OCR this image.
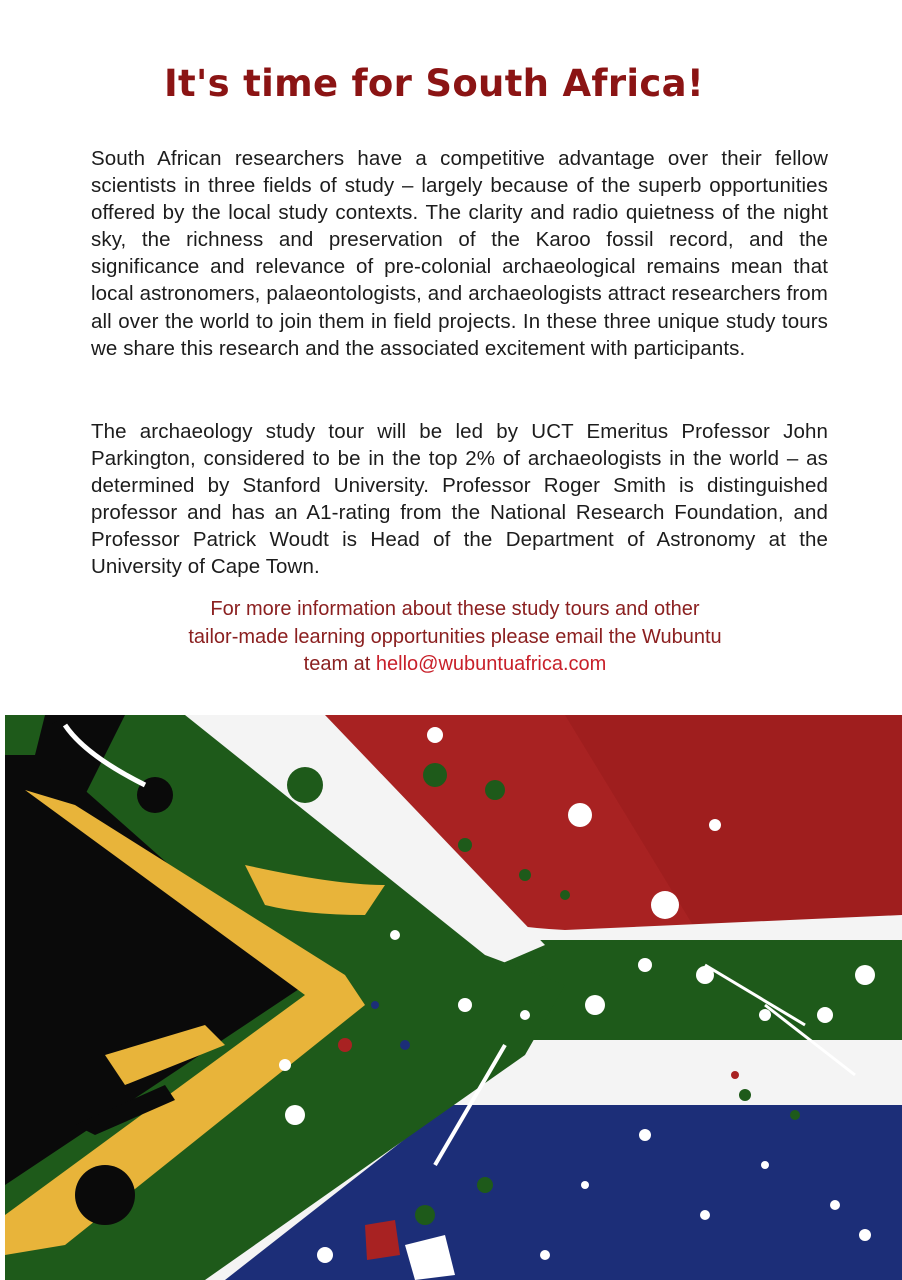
It's time for South Africa!

South African researchers have a competitive advantage over their fellow scientists in three fields of study – largely because of the superb opportunities offered by the local study contexts. The clarity and radio quietness of the night sky, the richness and preservation of the Karoo fossil record, and the significance and relevance of pre-colonial archaeological remains mean that local astronomers, palaeontologists, and archaeologists attract researchers from all over the world to join them in field projects. In these three unique study tours we share this research and the associated excitement with participants.

The archaeology study tour will be led by UCT Emeritus Professor John Parkington, considered to be in the top 2% of archaeologists in the world – as determined by Stanford University. Professor Roger Smith is distinguished professor and has an A1-rating from the National Research Foundation, and Professor Patrick Woudt is Head of the Department of Astronomy at the University of Cape Town.

For more information about these study tours and other
tailor-made learning opportunities please email the Wubuntu
team at hello@wubuntuafrica.com
